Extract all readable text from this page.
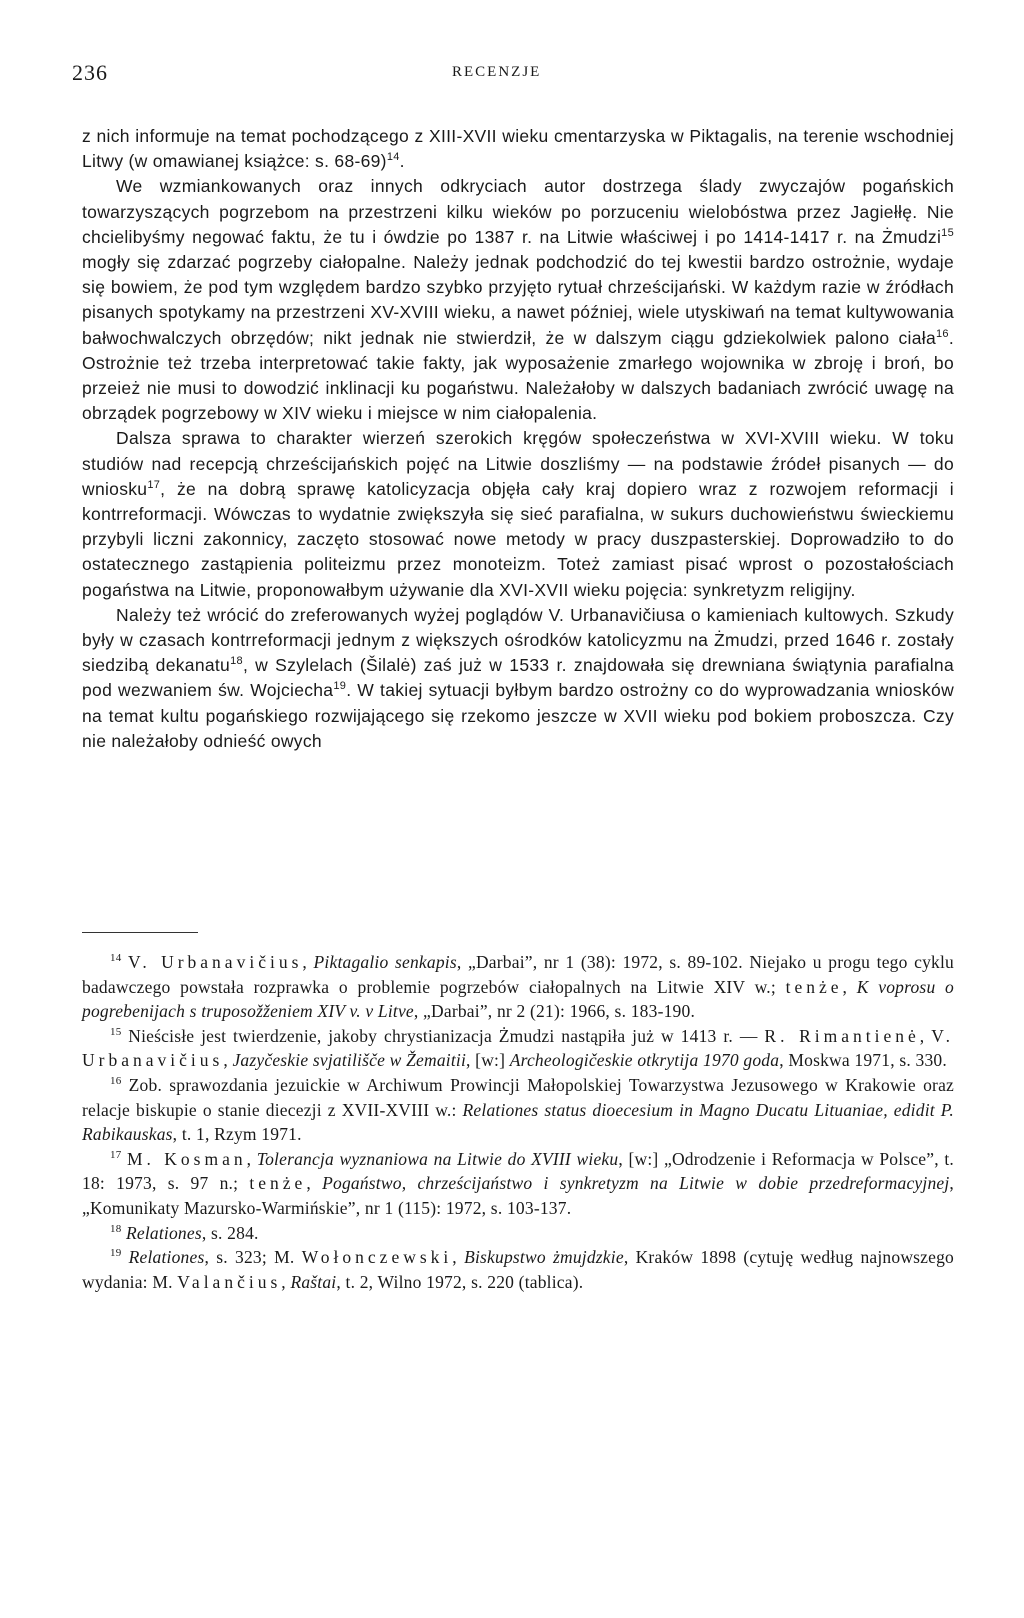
236	RECENZJE

z nich informuje na temat pochodzącego z XIII-XVII wieku cmentarzyska w Piktagalis, na terenie wschodniej Litwy (w omawianej książce: s. 68-69)$^{14}$.

We wzmiankowanych oraz innych odkryciach autor dostrzega ślady zwyczajów pogańskich towarzyszących pogrzebom na przestrzeni kilku wieków po porzuceniu wielobóstwa przez Jagiełłę. Nie chcielibyśmy negować faktu, że tu i ówdzie po 1387 r. na Litwie właściwej i po 1414-1417 r. na Żmudzi$^{15}$ mogły się zdarzać pogrzeby ciałopalne. Należy jednak podchodzić do tej kwestii bardzo ostrożnie, wydaje się bowiem, że pod tym względem bardzo szybko przyjęto rytuał chrześcijański. W każdym razie w źródłach pisanych spotykamy na przestrzeni XV-XVIII wieku, a nawet później, wiele utyskiwań na temat kultywowania bałwochwalczych obrzędów; nikt jednak nie stwierdził, że w dalszym ciągu gdziekolwiek palono ciała$^{16}$. Ostrożnie też trzeba interpretować takie fakty, jak wyposażenie zmarłego wojownika w zbroję i broń, bo przeież nie musi to dowodzić inklinacji ku pogaństwu. Należałoby w dalszych badaniach zwrócić uwagę na obrządek pogrzebowy w XIV wieku i miejsce w nim ciałopalenia.

Dalsza sprawa to charakter wierzeń szerokich kręgów społeczeństwa w XVI-XVIII wieku. W toku studiów nad recepcją chrześcijańskich pojęć na Litwie doszliśmy — na podstawie źródeł pisanych — do wniosku$^{17}$, że na dobrą sprawę katolicyzacja objęła cały kraj dopiero wraz z rozwojem reformacji i kontrreformacji. Wówczas to wydatnie zwiększyła się sieć parafialna, w sukurs duchowieństwu świeckiemu przybyli liczni zakonnicy, zaczęto stosować nowe metody w pracy duszpasterskiej. Doprowadziło to do ostatecznego zastąpienia politeizmu przez monoteizm. Toteż zamiast pisać wprost o pozostałościach pogaństwa na Litwie, proponowałbym używanie dla XVI-XVII wieku pojęcia: synkretyzm religijny.

Należy też wrócić do zreferowanych wyżej poglądów V. Urbanavičiusa o kamieniach kultowych. Szkudy były w czasach kontrreformacji jednym z większych ośrodków katolicyzmu na Żmudzi, przed 1646 r. zostały siedzibą dekanatu$^{18}$, w Szylelach (Šilalė) zaś już w 1533 r. znajdowała się drewniana świątynia parafialna pod wezwaniem św. Wojciecha$^{19}$. W takiej sytuacji byłbym bardzo ostrożny co do wyprowadzania wniosków na temat kultu pogańskiego rozwijającego się rzekomo jeszcze w XVII wieku pod bokiem proboszcza. Czy nie należałoby odnieść owych

$^{14}$ V. Urbanavičius, Piktagalio senkapis, „Darbai”, nr 1 (38): 1972, s. 89-102. Niejako u progu tego cyklu badawczego powstała rozprawka o problemie pogrzebów ciałopalnych na Litwie XIV w.; tenże, K voprosu o pogrebenijach s truposožženiem XIV v. v Litve, „Darbai”, nr 2 (21): 1966, s. 183-190.

$^{15}$ Nieścisłe jest twierdzenie, jakoby chrystianizacja Żmudzi nastąpiła już w 1413 r. — R. Rimantienė, V. Urbanavičius, Jazyčeskie svjatilišče w Žemaitii, [w:] Archeologičeskie otkrytija 1970 goda, Moskwa 1971, s. 330.

$^{16}$ Zob. sprawozdania jezuickie w Archiwum Prowincji Małopolskiej Towarzystwa Jezusowego w Krakowie oraz relacje biskupie o stanie diecezji z XVII-XVIII w.: Relationes status dioecesium in Magno Ducatu Lituaniae, edidit P. Rabikauskas, t. 1, Rzym 1971.

$^{17}$ M. Kosman, Tolerancja wyznaniowa na Litwie do XVIII wieku, [w:] „Odrodzenie i Reformacja w Polsce”, t. 18: 1973, s. 97 n.; tenże, Pogaństwo, chrześcijaństwo i synkretyzm na Litwie w dobie przedreformacyjnej, „Komunikaty Mazursko-Warmińskie”, nr 1 (115): 1972, s. 103-137.

$^{18}$ Relationes, s. 284.

$^{19}$ Relationes, s. 323; M. Wołonczewski, Biskupstwo żmujdzkie, Kraków 1898 (cytuję według najnowszego wydania: M. Valančius, Raštai, t. 2, Wilno 1972, s. 220 (tablica).
